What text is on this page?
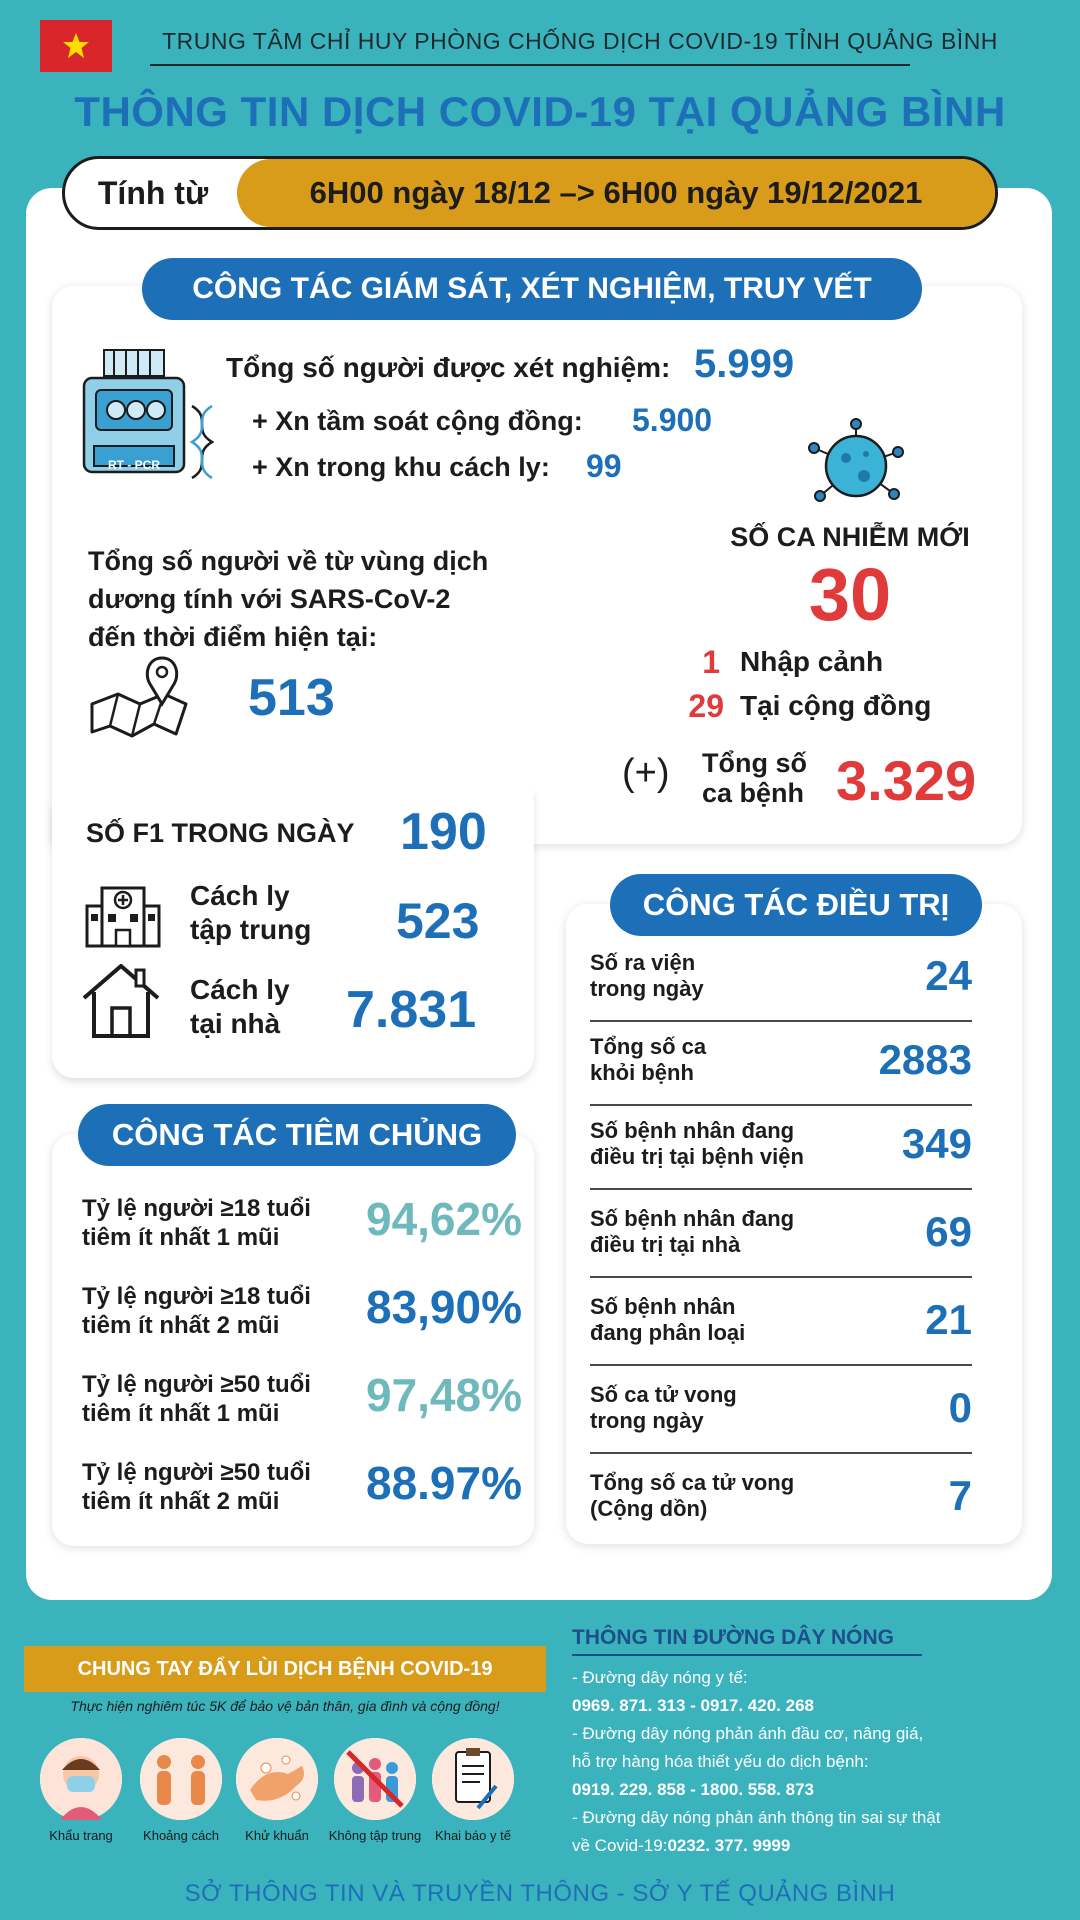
TRUNG TÂM CHỈ HUY PHÒNG CHỐNG DỊCH COVID-19 TỈNH QUẢNG BÌNH
THÔNG TIN DỊCH COVID-19 TẠI QUẢNG BÌNH
Tính từ	6H00 ngày 18/12 –> 6H00 ngày 19/12/2021
CÔNG TÁC GIÁM SÁT, XÉT NGHIỆM, TRUY VẾT
RT - PCR
Tổng số người được xét nghiệm: 5.999
+ Xn tầm soát cộng đồng: 5.900
+ Xn trong khu cách ly: 99
SỐ CA NHIỄM MỚI
30
1 Nhập cảnh
29 Tại cộng đồng
(+) Tổng số
ca bệnh 3.329
Tổng số người về từ vùng dịch
dương tính với SARS-CoV-2
đến thời điểm hiện tại:
513
SỐ F1 TRONG NGÀY 190
Cách ly
tập trung 523
Cách ly
tại nhà 7.831
Số ra viện
trong ngày	24
Tổng số ca
khỏi bệnh	2883
Số bệnh nhân đang
điều trị tại bệnh viện 349
Số bệnh nhân đang
điều trị tại nhà	69
Số bệnh nhân
đang phân loại	21
Số ca tử vong
trong ngày	0
Tổng số ca tử vong
(Cộng dồn)	7
CÔNG TÁC ĐIỀU TRỊ
Tỷ lệ người ≥18 tuổi
tiêm ít nhất 1 mũi	94,62%
Tỷ lệ người ≥18 tuổi
tiêm ít nhất 2 mũi	83,90%
Tỷ lệ người ≥50 tuổi
tiêm ít nhất 1 mũi	97,48%
Tỷ lệ người ≥50 tuổi
tiêm ít nhất 2 mũi	88.97%
CÔNG TÁC TIÊM CHỦNG
CHUNG TAY ĐẨY LÙI DỊCH BỆNH COVID-19
Thực hiện nghiêm túc 5K để bảo vệ bản thân, gia đình và cộng đồng!
Khẩu trang	Khoảng cách	Khử khuẩn	Không tập trung	Khai báo y tế
THÔNG TIN ĐƯỜNG DÂY NÓNG
- Đường dây nóng y tế:
0969. 871. 313 - 0917. 420. 268
- Đường dây nóng phản ánh đầu cơ, nâng giá,
hỗ trợ hàng hóa thiết yếu do dịch bệnh:
0919. 229. 858 - 1800. 558. 873
- Đường dây nóng phản ánh thông tin sai sự thật
về Covid-19:0232. 377. 9999
SỞ THÔNG TIN VÀ TRUYỀN THÔNG - SỞ Y TẾ QUẢNG BÌNH
